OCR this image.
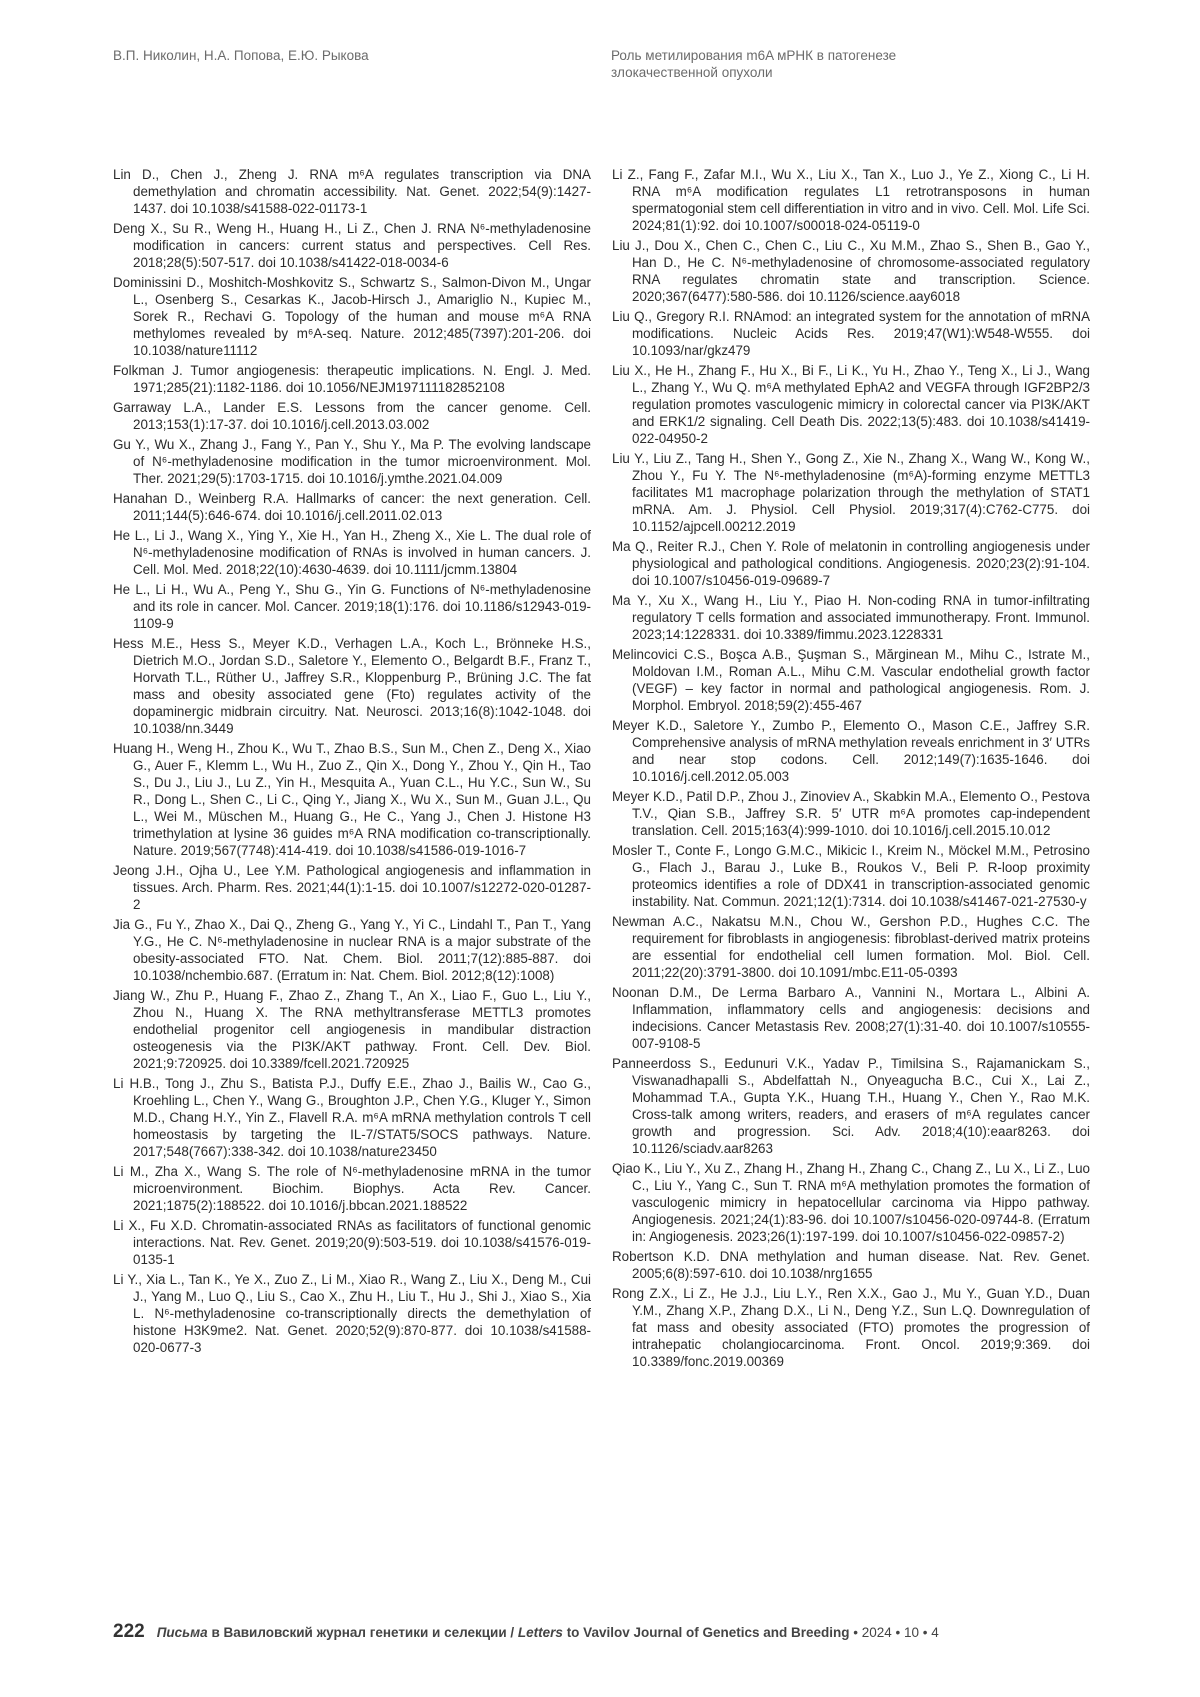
В.П. Николин, Н.А. Попова, Е.Ю. Рыкова	Роль метилирования m6A мРНК в патогенезе
злокачественной опухоли

Lin D., Chen J., Zheng J. RNA m⁶A regulates transcription via DNA demethylation and chromatin accessibility. Nat. Genet. 2022;54(9):1427-1437. doi 10.1038/s41588-022-01173-1

Deng X., Su R., Weng H., Huang H., Li Z., Chen J. RNA N⁶-methyladenosine modification in cancers: current status and perspectives. Cell Res. 2018;28(5):507-517. doi 10.1038/s41422-018-0034-6

Dominissini D., Moshitch-Moshkovitz S., Schwartz S., Salmon-Divon M., Ungar L., Osenberg S., Cesarkas K., Jacob-Hirsch J., Amariglio N., Kupiec M., Sorek R., Rechavi G. Topology of the human and mouse m⁶A RNA methylomes revealed by m⁶A-seq. Nature. 2012;485(7397):201-206. doi 10.1038/nature11112

Folkman J. Tumor angiogenesis: therapeutic implications. N. Engl. J. Med. 1971;285(21):1182-1186. doi 10.1056/NEJM197111182852108

Garraway L.A., Lander E.S. Lessons from the cancer genome. Cell. 2013;153(1):17-37. doi 10.1016/j.cell.2013.03.002

Gu Y., Wu X., Zhang J., Fang Y., Pan Y., Shu Y., Ma P. The evolving landscape of N⁶-methyladenosine modification in the tumor microenvironment. Mol. Ther. 2021;29(5):1703-1715. doi 10.1016/j.ymthe.2021.04.009

Hanahan D., Weinberg R.A. Hallmarks of cancer: the next generation. Cell. 2011;144(5):646-674. doi 10.1016/j.cell.2011.02.013

He L., Li J., Wang X., Ying Y., Xie H., Yan H., Zheng X., Xie L. The dual role of N⁶-methyladenosine modification of RNAs is involved in human cancers. J. Cell. Mol. Med. 2018;22(10):4630-4639. doi 10.1111/jcmm.13804

He L., Li H., Wu A., Peng Y., Shu G., Yin G. Functions of N⁶-methyladenosine and its role in cancer. Mol. Cancer. 2019;18(1):176. doi 10.1186/s12943-019-1109-9

Hess M.E., Hess S., Meyer K.D., Verhagen L.A., Koch L., Brönneke H.S., Dietrich M.O., Jordan S.D., Saletore Y., Elemento O., Belgardt B.F., Franz T., Horvath T.L., Rüther U., Jaffrey S.R., Kloppenburg P., Brüning J.C. The fat mass and obesity associated gene (Fto) regulates activity of the dopaminergic midbrain circuitry. Nat. Neurosci. 2013;16(8):1042-1048. doi 10.1038/nn.3449

Huang H., Weng H., Zhou K., Wu T., Zhao B.S., Sun M., Chen Z., Deng X., Xiao G., Auer F., Klemm L., Wu H., Zuo Z., Qin X., Dong Y., Zhou Y., Qin H., Tao S., Du J., Liu J., Lu Z., Yin H., Mesquita A., Yuan C.L., Hu Y.C., Sun W., Su R., Dong L., Shen C., Li C., Qing Y., Jiang X., Wu X., Sun M., Guan J.L., Qu L., Wei M., Müschen M., Huang G., He C., Yang J., Chen J. Histone H3 trimethylation at lysine 36 guides m⁶A RNA modification co-transcriptionally. Nature. 2019;567(7748):414-419. doi 10.1038/s41586-019-1016-7

Jeong J.H., Ojha U., Lee Y.M. Pathological angiogenesis and inflammation in tissues. Arch. Pharm. Res. 2021;44(1):1-15. doi 10.1007/s12272-020-01287-2

Jia G., Fu Y., Zhao X., Dai Q., Zheng G., Yang Y., Yi C., Lindahl T., Pan T., Yang Y.G., He C. N⁶-methyladenosine in nuclear RNA is a major substrate of the obesity-associated FTO. Nat. Chem. Biol. 2011;7(12):885-887. doi 10.1038/nchembio.687. (Erratum in: Nat. Chem. Biol. 2012;8(12):1008)

Jiang W., Zhu P., Huang F., Zhao Z., Zhang T., An X., Liao F., Guo L., Liu Y., Zhou N., Huang X. The RNA methyltransferase METTL3 promotes endothelial progenitor cell angiogenesis in mandibular distraction osteogenesis via the PI3K/AKT pathway. Front. Cell. Dev. Biol. 2021;9:720925. doi 10.3389/fcell.2021.720925

Li H.B., Tong J., Zhu S., Batista P.J., Duffy E.E., Zhao J., Bailis W., Cao G., Kroehling L., Chen Y., Wang G., Broughton J.P., Chen Y.G., Kluger Y., Simon M.D., Chang H.Y., Yin Z., Flavell R.A. m⁶A mRNA methylation controls T cell homeostasis by targeting the IL-7/STAT5/SOCS pathways. Nature. 2017;548(7667):338-342. doi 10.1038/nature23450

Li M., Zha X., Wang S. The role of N⁶-methyladenosine mRNA in the tumor microenvironment. Biochim. Biophys. Acta Rev. Cancer. 2021;1875(2):188522. doi 10.1016/j.bbcan.2021.188522

Li X., Fu X.D. Chromatin-associated RNAs as facilitators of functional genomic interactions. Nat. Rev. Genet. 2019;20(9):503-519. doi 10.1038/s41576-019-0135-1

Li Y., Xia L., Tan K., Ye X., Zuo Z., Li M., Xiao R., Wang Z., Liu X., Deng M., Cui J., Yang M., Luo Q., Liu S., Cao X., Zhu H., Liu T., Hu J., Shi J., Xiao S., Xia L. N⁶-methyladenosine co-transcriptionally directs the demethylation of histone H3K9me2. Nat. Genet. 2020;52(9):870-877. doi 10.1038/s41588-020-0677-3

Li Z., Fang F., Zafar M.I., Wu X., Liu X., Tan X., Luo J., Ye Z., Xiong C., Li H. RNA m⁶A modification regulates L1 retrotransposons in human spermatogonial stem cell differentiation in vitro and in vivo. Cell. Mol. Life Sci. 2024;81(1):92. doi 10.1007/s00018-024-05119-0

Liu J., Dou X., Chen C., Chen C., Liu C., Xu M.M., Zhao S., Shen B., Gao Y., Han D., He C. N⁶-methyladenosine of chromosome-associated regulatory RNA regulates chromatin state and transcription. Science. 2020;367(6477):580-586. doi 10.1126/science.aay6018

Liu Q., Gregory R.I. RNAmod: an integrated system for the annotation of mRNA modifications. Nucleic Acids Res. 2019;47(W1):W548-W555. doi 10.1093/nar/gkz479

Liu X., He H., Zhang F., Hu X., Bi F., Li K., Yu H., Zhao Y., Teng X., Li J., Wang L., Zhang Y., Wu Q. m⁶A methylated EphA2 and VEGFA through IGF2BP2/3 regulation promotes vasculogenic mimicry in colorectal cancer via PI3K/AKT and ERK1/2 signaling. Cell Death Dis. 2022;13(5):483. doi 10.1038/s41419-022-04950-2

Liu Y., Liu Z., Tang H., Shen Y., Gong Z., Xie N., Zhang X., Wang W., Kong W., Zhou Y., Fu Y. The N⁶-methyladenosine (m⁶A)-forming enzyme METTL3 facilitates M1 macrophage polarization through the methylation of STAT1 mRNA. Am. J. Physiol. Cell Physiol. 2019;317(4):C762-C775. doi 10.1152/ajpcell.00212.2019

Ma Q., Reiter R.J., Chen Y. Role of melatonin in controlling angiogenesis under physiological and pathological conditions. Angiogenesis. 2020;23(2):91-104. doi 10.1007/s10456-019-09689-7

Ma Y., Xu X., Wang H., Liu Y., Piao H. Non-coding RNA in tumor-infiltrating regulatory T cells formation and associated immunotherapy. Front. Immunol. 2023;14:1228331. doi 10.3389/fimmu.2023.1228331

Melincovici C.S., Boşca A.B., Şuşman S., Mărginean M., Mihu C., Istrate M., Moldovan I.M., Roman A.L., Mihu C.M. Vascular endothelial growth factor (VEGF) – key factor in normal and pathological angiogenesis. Rom. J. Morphol. Embryol. 2018;59(2):455-467

Meyer K.D., Saletore Y., Zumbo P., Elemento O., Mason C.E., Jaffrey S.R. Comprehensive analysis of mRNA methylation reveals enrichment in 3′ UTRs and near stop codons. Cell. 2012;149(7):1635-1646. doi 10.1016/j.cell.2012.05.003

Meyer K.D., Patil D.P., Zhou J., Zinoviev A., Skabkin M.A., Elemento O., Pestova T.V., Qian S.B., Jaffrey S.R. 5′ UTR m⁶A promotes cap-independent translation. Cell. 2015;163(4):999-1010. doi 10.1016/j.cell.2015.10.012

Mosler T., Conte F., Longo G.M.C., Mikicic I., Kreim N., Möckel M.M., Petrosino G., Flach J., Barau J., Luke B., Roukos V., Beli P. R-loop proximity proteomics identifies a role of DDX41 in transcription-associated genomic instability. Nat. Commun. 2021;12(1):7314. doi 10.1038/s41467-021-27530-y

Newman A.C., Nakatsu M.N., Chou W., Gershon P.D., Hughes C.C. The requirement for fibroblasts in angiogenesis: fibroblast-derived matrix proteins are essential for endothelial cell lumen formation. Mol. Biol. Cell. 2011;22(20):3791-3800. doi 10.1091/mbc.E11-05-0393

Noonan D.M., De Lerma Barbaro A., Vannini N., Mortara L., Albini A. Inflammation, inflammatory cells and angiogenesis: decisions and indecisions. Cancer Metastasis Rev. 2008;27(1):31-40. doi 10.1007/s10555-007-9108-5

Panneerdoss S., Eedunuri V.K., Yadav P., Timilsina S., Rajamanickam S., Viswanadhapalli S., Abdelfattah N., Onyeagucha B.C., Cui X., Lai Z., Mohammad T.A., Gupta Y.K., Huang T.H., Huang Y., Chen Y., Rao M.K. Cross-talk among writers, readers, and erasers of m⁶A regulates cancer growth and progression. Sci. Adv. 2018;4(10):eaar8263. doi 10.1126/sciadv.aar8263

Qiao K., Liu Y., Xu Z., Zhang H., Zhang H., Zhang C., Chang Z., Lu X., Li Z., Luo C., Liu Y., Yang C., Sun T. RNA m⁶A methylation promotes the formation of vasculogenic mimicry in hepatocellular carcinoma via Hippo pathway. Angiogenesis. 2021;24(1):83-96. doi 10.1007/s10456-020-09744-8. (Erratum in: Angiogenesis. 2023;26(1):197-199. doi 10.1007/s10456-022-09857-2)

Robertson K.D. DNA methylation and human disease. Nat. Rev. Genet. 2005;6(8):597-610. doi 10.1038/nrg1655

Rong Z.X., Li Z., He J.J., Liu L.Y., Ren X.X., Gao J., Mu Y., Guan Y.D., Duan Y.M., Zhang X.P., Zhang D.X., Li N., Deng Y.Z., Sun L.Q. Downregulation of fat mass and obesity associated (FTO) promotes the progression of intrahepatic cholangiocarcinoma. Front. Oncol. 2019;9:369. doi 10.3389/fonc.2019.00369

222 Письма в Вавиловский журнал генетики и селекции / Letters to Vavilov Journal of Genetics and Breeding • 2024 • 10 • 4
